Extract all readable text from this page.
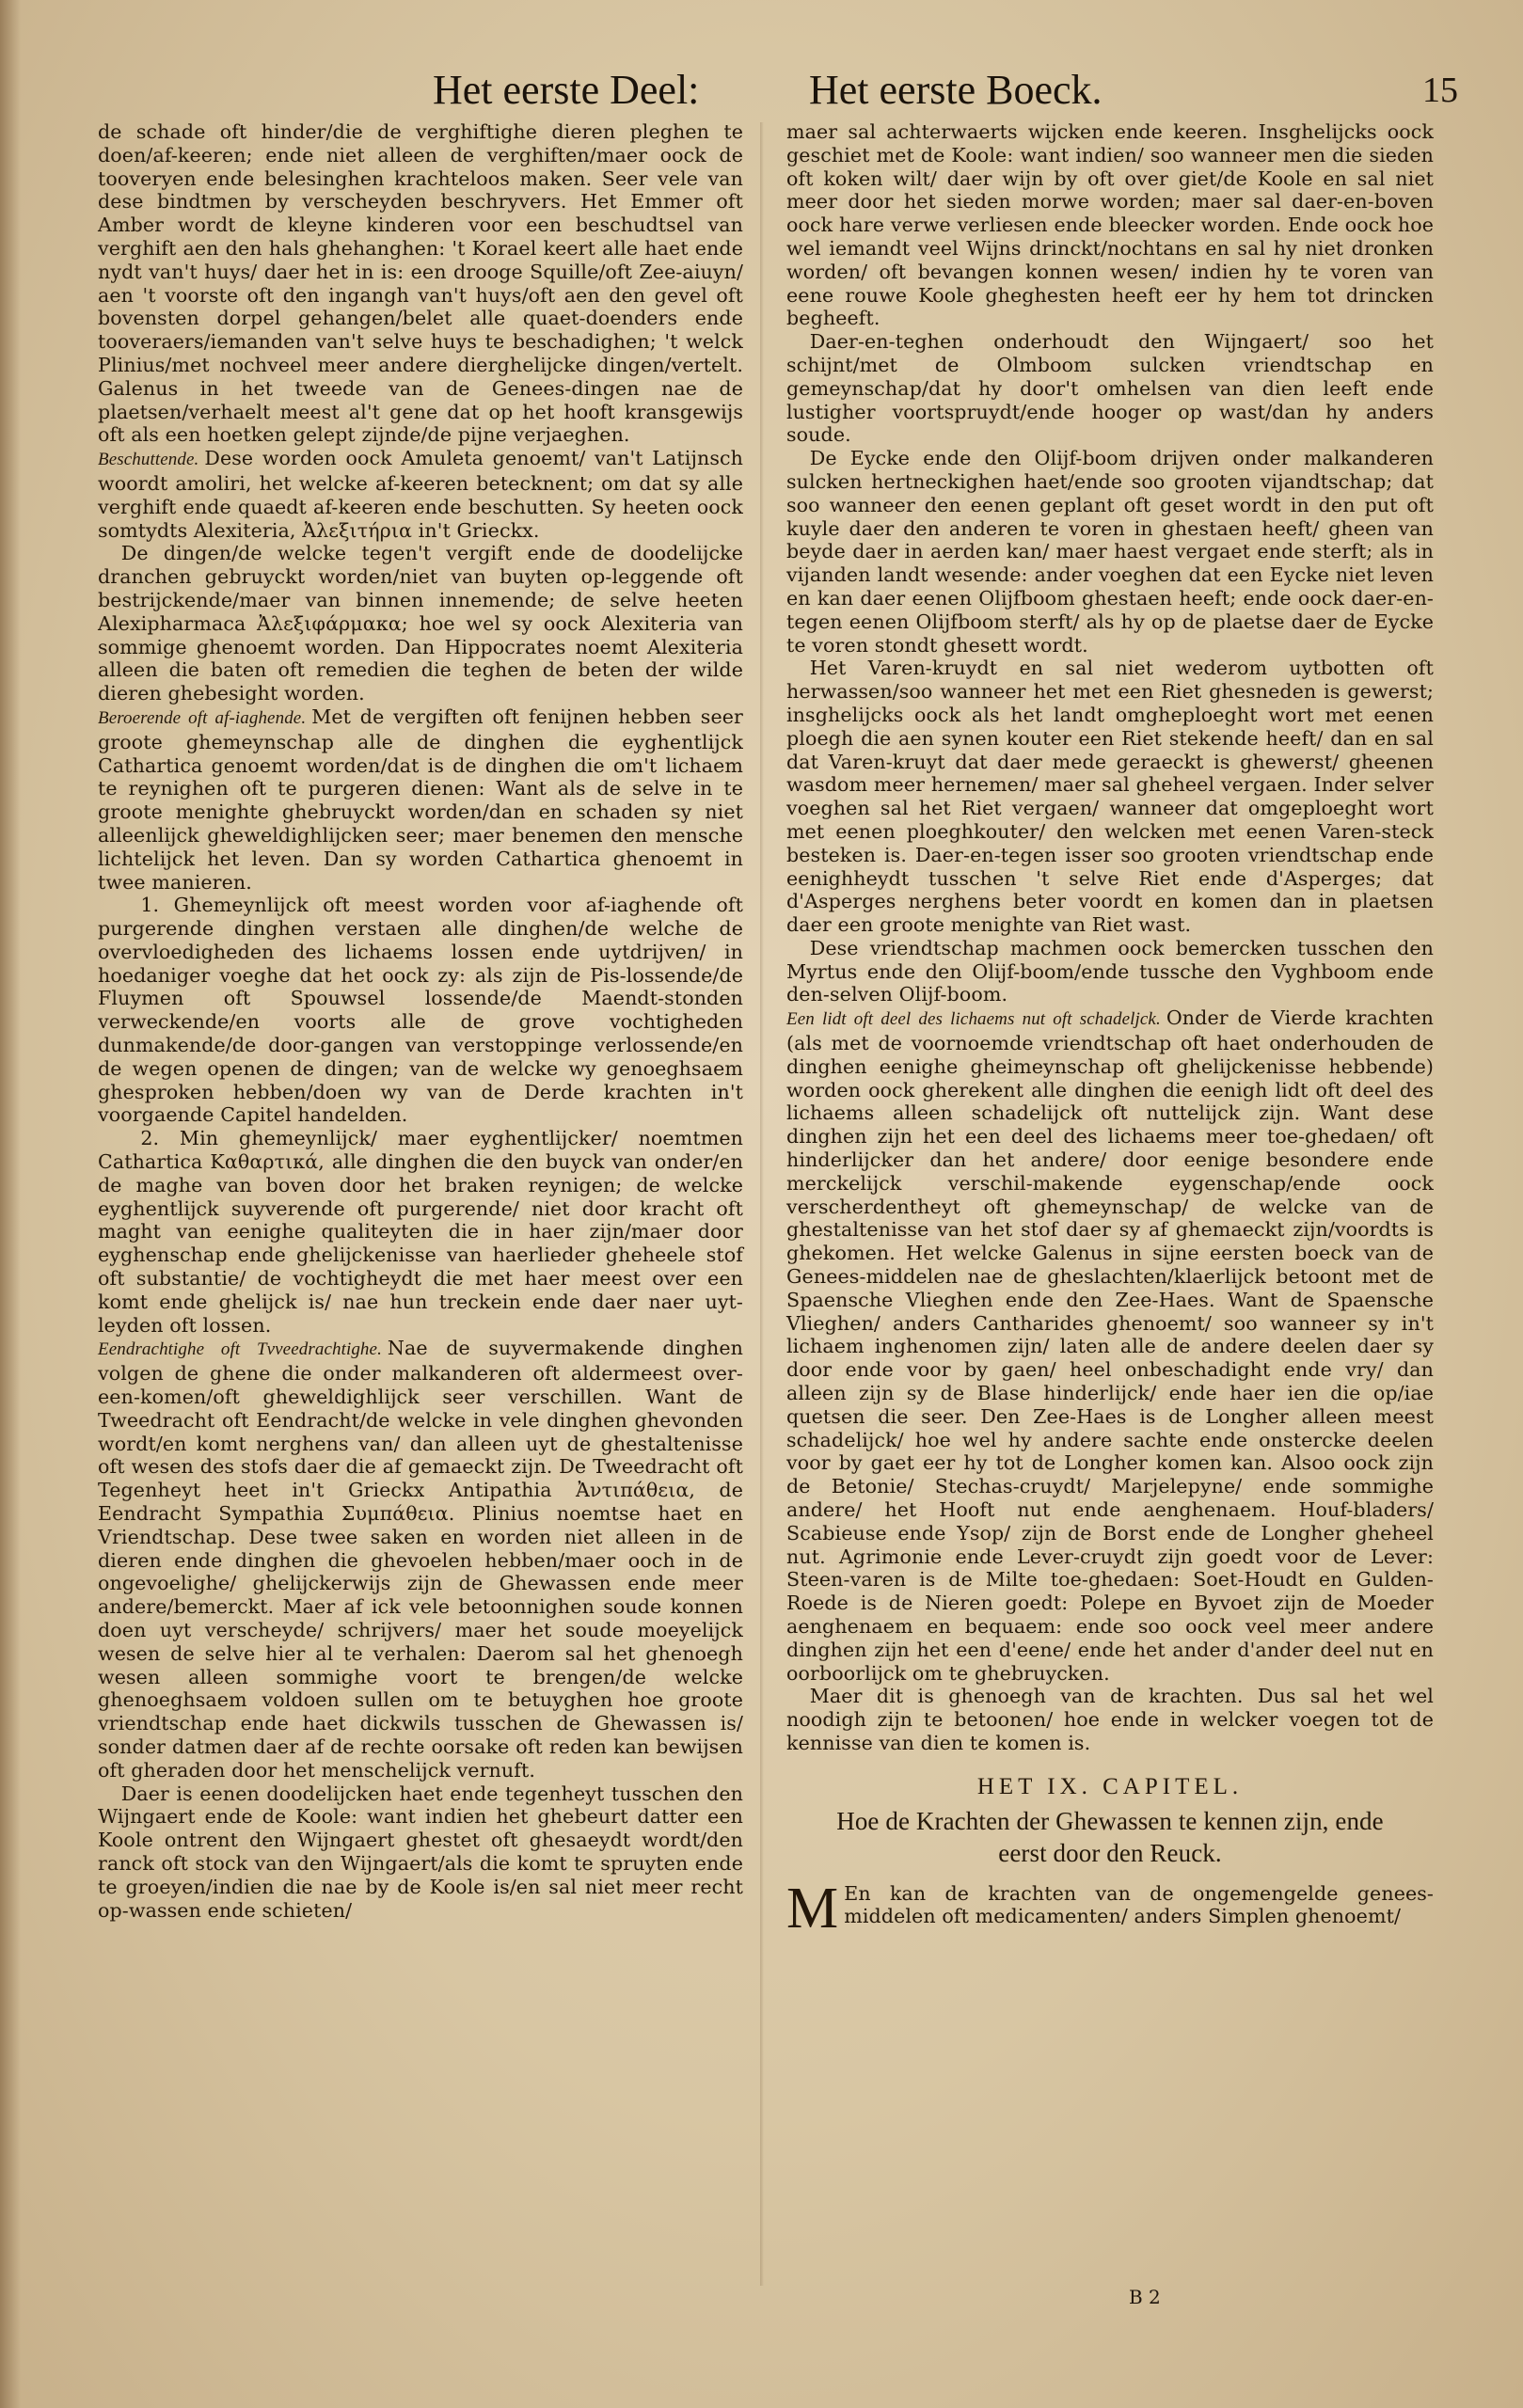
Het eerste Deel:	Het eerste Boeck.	15

de schade oft hinder/die de verghiftighe dieren pleghen te doen/af-keeren; ende niet alleen de verghiften/maer oock de tooveryen ende belesinghen krachteloos maken. Seer vele van dese bindtmen by verscheyden beschryvers. Het Emmer oft Amber wordt de kleyne kinderen voor een beschudtsel van verghift aen den hals ghehanghen: 't Korael keert alle haet ende nydt van't huys/ daer het in is: een drooge Squille/oft Zee-aiuyn/ aen 't voorste oft den ingangh van't huys/oft aen den gevel oft bovensten dorpel gehangen/belet alle quaet-doenders ende tooveraers/iemanden van't selve huys te beschadighen; 't welck Plinius/met nochveel meer andere dierghelijcke dingen/vertelt. Galenus in het tweede van de Genees-dingen nae de plaetsen/verhaelt meest al't gene dat op het hooft kransgewijs oft als een hoetken gelept zijnde/de pijne verjaeghen.

Beschuttende. Dese worden oock Amuleta genoemt/ van't Latijnsch woordt amoliri, het welcke af-keeren betecknent; om dat sy alle verghift ende quaedt af-keeren ende beschutten. Sy heeten oock somtydts Alexiteria, Ἀλεξιτήρια in't Grieckx.

De dingen/de welcke tegen't vergift ende de doodelijcke dranchen gebruyckt worden/niet van buyten op-leggende oft bestrijckende/maer van binnen innemende; de selve heeten Alexipharmaca Ἀλεξιφάρμακα; hoe wel sy oock Alexiteria van sommige ghenoemt worden. Dan Hippocrates noemt Alexiteria alleen die baten oft remedien die teghen de beten der wilde dieren ghebesight worden.

Beroerende oft af-iaghende. Met de vergiften oft fenijnen hebben seer groote ghemeynschap alle de dinghen die eyghentlijck Cathartica genoemt worden/dat is de dinghen die om't lichaem te reynighen oft te purgeren dienen: Want als de selve in te groote menighte ghebruyckt worden/dan en schaden sy niet alleenlijck gheweldighlijcken seer; maer benemen den mensche lichtelijck het leven. Dan sy worden Cathartica ghenoemt in twee manieren.

1. Ghemeynlijck oft meest worden voor af-iaghende oft purgerende dinghen verstaen alle dinghen/de welche de overvloedigheden des lichaems lossen ende uytdrijven/ in hoedaniger voeghe dat het oock zy: als zijn de Pis-lossende/de Fluymen oft Spouwsel lossende/de Maendt-stonden verweckende/en voorts alle de grove vochtigheden dunmakende/de door-gangen van verstoppinge verlossende/en de wegen openen de dingen; van de welcke wy genoeghsaem ghesproken hebben/doen wy van de Derde krachten in't voorgaende Capitel handelden.

2. Min ghemeynlijck/ maer eyghentlijcker/ noemtmen Cathartica Καθαρτικά, alle dinghen die den buyck van onder/en de maghe van boven door het braken reynigen; de welcke eyghentlijck suyverende oft purgerende/ niet door kracht oft maght van eenighe qualiteyten die in haer zijn/maer door eyghenschap ende ghelijckenisse van haerlieder gheheele stof oft substantie/ de vochtigheydt die met haer meest over een komt ende ghelijck is/ nae hun treckein ende daer naer uyt-leyden oft lossen.

Eendrachtighe oft Tvveedrachtighe. Nae de suyvermakende dinghen volgen de ghene die onder malkanderen oft aldermeest over-een-komen/oft gheweldighlijck seer verschillen. Want de Tweedracht oft Eendracht/de welcke in vele dinghen ghevonden wordt/en komt nerghens van/ dan alleen uyt de ghestaltenisse oft wesen des stofs daer die af gemaeckt zijn. De Tweedracht oft Tegenheyt heet in't Grieckx Antipathia Ἀντιπάθεια, de Eendracht Sympathia Συμπάθεια. Plinius noemtse haet en Vriendtschap. Dese twee saken en worden niet alleen in de dieren ende dinghen die ghevoelen hebben/maer ooch in de ongevoelighe/ ghelijckerwijs zijn de Ghewassen ende meer andere/bemerckt. Maer af ick vele betoonnighen soude konnen doen uyt verscheyde/ schrijvers/ maer het soude moeyelijck wesen de selve hier al te verhalen: Daerom sal het ghenoegh wesen alleen sommighe voort te brengen/de welcke ghenoeghsaem voldoen sullen om te betuyghen hoe groote vriendtschap ende haet dickwils tusschen de Ghewassen is/ sonder datmen daer af de rechte oorsake oft reden kan bewijsen oft gheraden door het menschelijck vernuft.

Daer is eenen doodelijcken haet ende tegenheyt tusschen den Wijngaert ende de Koole: want indien het ghebeurt datter een Koole ontrent den Wijngaert ghestet oft ghesaeydt wordt/den ranck oft stock van den Wijngaert/als die komt te spruyten ende te groeyen/indien die nae by de Koole is/en sal niet meer recht op-wassen ende schieten/

maer sal achterwaerts wijcken ende keeren. Insghelijcks oock geschiet met de Koole: want indien/ soo wanneer men die sieden oft koken wilt/ daer wijn by oft over giet/de Koole en sal niet meer door het sieden morwe worden; maer sal daer-en-boven oock hare verwe verliesen ende bleecker worden. Ende oock hoe wel iemandt veel Wijns drinckt/nochtans en sal hy niet dronken worden/ oft bevangen konnen wesen/ indien hy te voren van eene rouwe Koole gheghesten heeft eer hy hem tot drincken begheeft.

Daer-en-teghen onderhoudt den Wijngaert/ soo het schijnt/met de Olmboom sulcken vriendtschap en gemeynschap/dat hy door't omhelsen van dien leeft ende lustigher voortspruydt/ende hooger op wast/dan hy anders soude.

De Eycke ende den Olijf-boom drijven onder malkanderen sulcken hertneckighen haet/ende soo grooten vijandtschap; dat soo wanneer den eenen geplant oft geset wordt in den put oft kuyle daer den anderen te voren in ghestaen heeft/ gheen van beyde daer in aerden kan/ maer haest vergaet ende sterft; als in vijanden landt wesende: ander voeghen dat een Eycke niet leven en kan daer eenen Olijfboom ghestaen heeft; ende oock daer-en-tegen eenen Olijfboom sterft/ als hy op de plaetse daer de Eycke te voren stondt ghesett wordt.

Het Varen-kruydt en sal niet wederom uytbotten oft herwassen/soo wanneer het met een Riet ghesneden is gewerst; insghelijcks oock als het landt omgheploeght wort met eenen ploegh die aen synen kouter een Riet stekende heeft/ dan en sal dat Varen-kruyt dat daer mede geraeckt is ghewerst/ gheenen wasdom meer hernemen/ maer sal gheheel vergaen. Inder selver voeghen sal het Riet vergaen/ wanneer dat omgeploeght wort met eenen ploeghkouter/ den welcken met eenen Varen-steck besteken is. Daer-en-tegen isser soo grooten vriendtschap ende eenighheydt tusschen 't selve Riet ende d'Asperges; dat d'Asperges nerghens beter voordt en komen dan in plaetsen daer een groote menighte van Riet wast.

Dese vriendtschap machmen oock bemercken tusschen den Myrtus ende den Olijf-boom/ende tussche den Vyghboom ende den-selven Olijf-boom.

Een lidt oft deel des lichaems nut oft schadeljck. Onder de Vierde krachten (als met de voornoemde vriendtschap oft haet onderhouden de dinghen eenighe gheimeynschap oft ghelijckenisse hebbende) worden oock gherekent alle dinghen die eenigh lidt oft deel des lichaems alleen schadelijck oft nuttelijck zijn. Want dese dinghen zijn het een deel des lichaems meer toe-ghedaen/ oft hinderlijcker dan het andere/ door eenige besondere ende merckelijck verschil-makende eygenschap/ende oock verscherdentheyt oft ghemeynschap/ de welcke van de ghestaltenisse van het stof daer sy af ghemaeckt zijn/voordts is ghekomen. Het welcke Galenus in sijne eersten boeck van de Genees-middelen nae de gheslachten/klaerlijck betoont met de Spaensche Vlieghen ende den Zee-Haes. Want de Spaensche Vlieghen/ anders Cantharides ghenoemt/ soo wanneer sy in't lichaem inghenomen zijn/ laten alle de andere deelen daer sy door ende voor by gaen/ heel onbeschadight ende vry/ dan alleen zijn sy de Blase hinderlijck/ ende haer ien die op/iae quetsen die seer. Den Zee-Haes is de Longher alleen meest schadelijck/ hoe wel hy andere sachte ende onstercke deelen voor by gaet eer hy tot de Longher komen kan. Alsoo oock zijn de Betonie/ Stechas-cruydt/ Marjelepyne/ ende sommighe andere/ het Hooft nut ende aenghenaem. Houf-bladers/ Scabieuse ende Ysop/ zijn de Borst ende de Longher gheheel nut. Agrimonie ende Lever-cruydt zijn goedt voor de Lever: Steen-varen is de Milte toe-ghedaen: Soet-Houdt en Gulden-Roede is de Nieren goedt: Polepe en Byvoet zijn de Moeder aenghenaem en bequaem: ende soo oock veel meer andere dinghen zijn het een d'eene/ ende het ander d'ander deel nut en oorboorlijck om te ghebruycken.

Maer dit is ghenoegh van de krachten. Dus sal het wel noodigh zijn te betoonen/ hoe ende in welcker voegen tot de kennisse van dien te komen is.

HET IX. CAPITEL.
Hoe de Krachten der Ghewassen te kennen zijn, ende eerst door den Reuck.

M En kan de krachten van de ongemengelde genees-middelen oft medicamenten/ anders Simplen ghenoemt/

B 2
